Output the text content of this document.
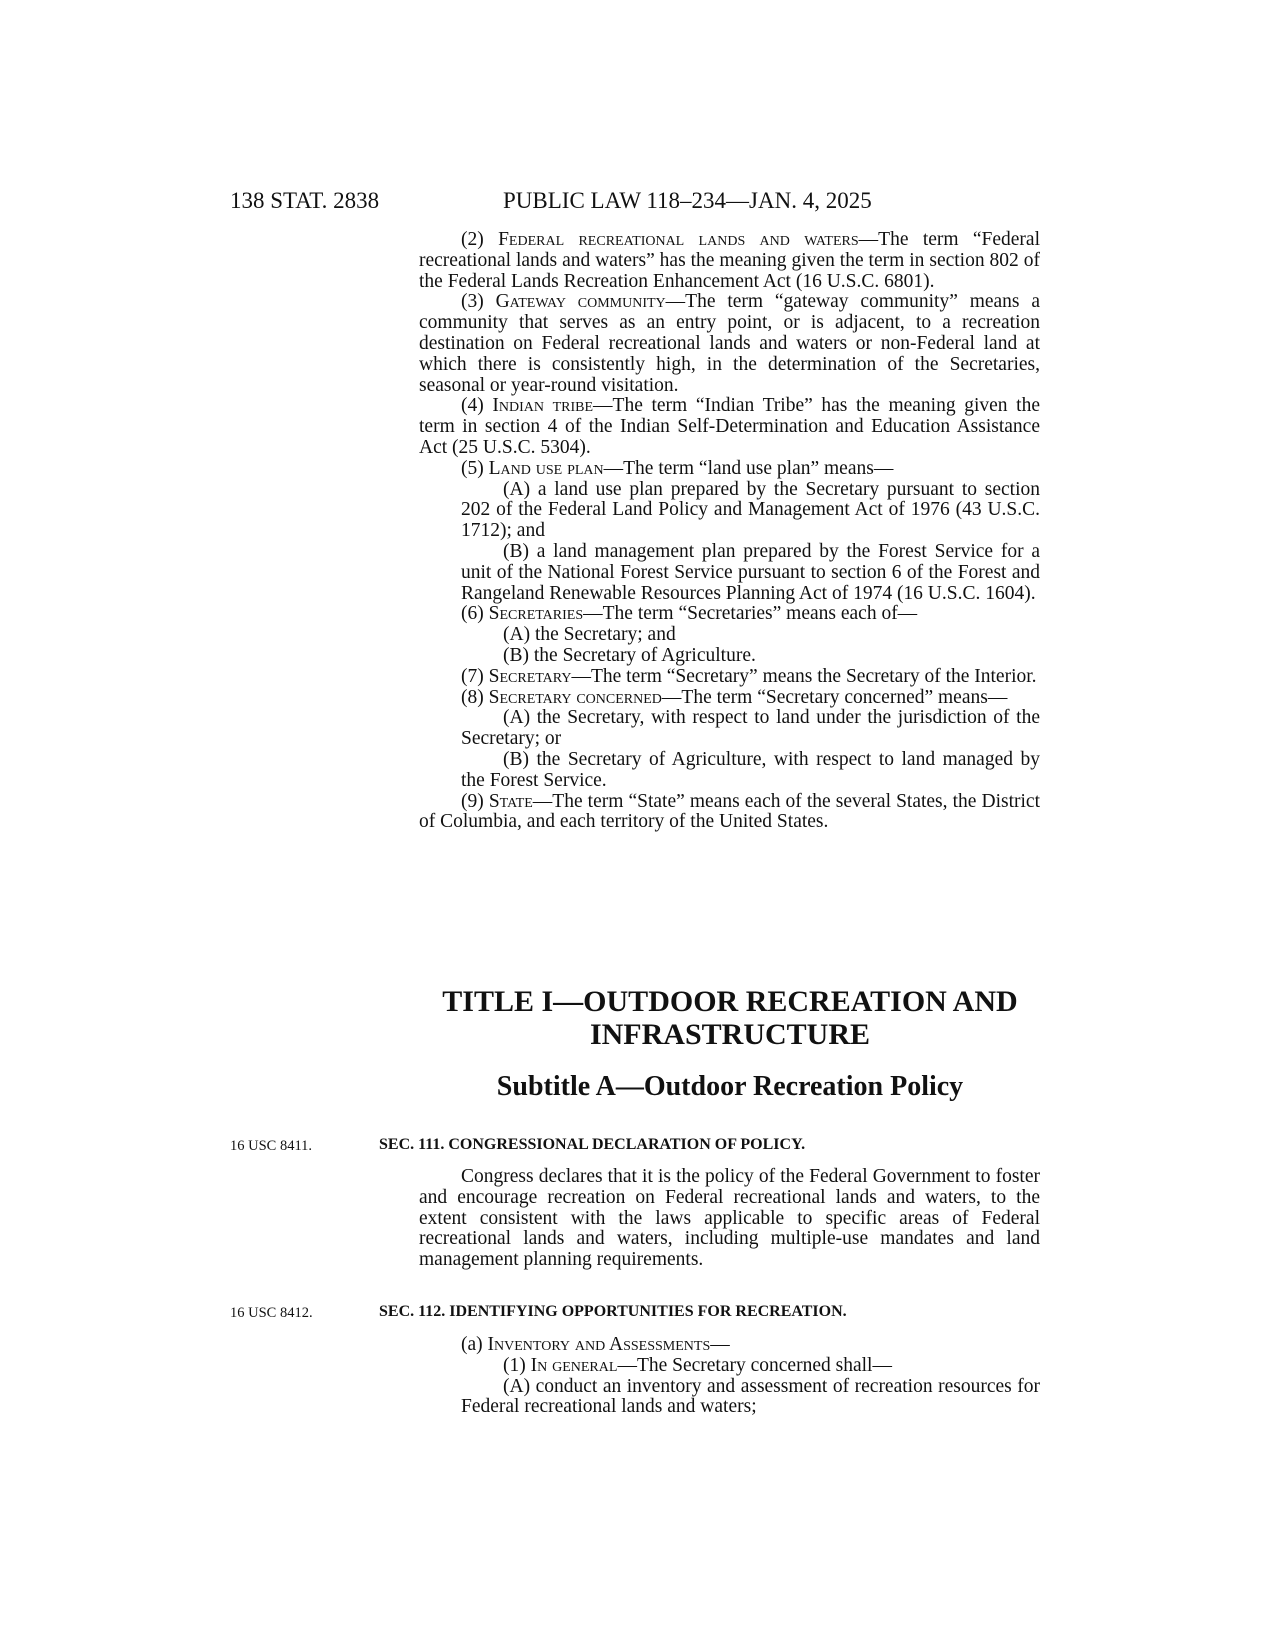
138 STAT. 2838	PUBLIC LAW 118–234—JAN. 4, 2025

(2) Federal recreational lands and waters—The term “Federal recreational lands and waters” has the meaning given the term in section 802 of the Federal Lands Recreation Enhancement Act (16 U.S.C. 6801).

(3) Gateway community—The term “gateway community” means a community that serves as an entry point, or is adjacent, to a recreation destination on Federal recreational lands and waters or non-Federal land at which there is consistently high, in the determination of the Secretaries, seasonal or year-round visitation.

(4) Indian tribe—The term “Indian Tribe” has the meaning given the term in section 4 of the Indian Self-Determination and Education Assistance Act (25 U.S.C. 5304).

(5) Land use plan—The term “land use plan” means—

(A) a land use plan prepared by the Secretary pursuant to section 202 of the Federal Land Policy and Management Act of 1976 (43 U.S.C. 1712); and

(B) a land management plan prepared by the Forest Service for a unit of the National Forest Service pursuant to section 6 of the Forest and Rangeland Renewable Resources Planning Act of 1974 (16 U.S.C. 1604).

(6) Secretaries—The term “Secretaries” means each of—

(A) the Secretary; and

(B) the Secretary of Agriculture.

(7) Secretary—The term “Secretary” means the Secretary of the Interior.

(8) Secretary concerned—The term “Secretary concerned” means—

(A) the Secretary, with respect to land under the jurisdiction of the Secretary; or

(B) the Secretary of Agriculture, with respect to land managed by the Forest Service.

(9) State—The term “State” means each of the several States, the District of Columbia, and each territory of the United States.

TITLE I—OUTDOOR RECREATION AND
INFRASTRUCTURE
Subtitle A—Outdoor Recreation Policy
16 USC 8411.	SEC. 111. CONGRESSIONAL DECLARATION OF POLICY.

Congress declares that it is the policy of the Federal Government to foster and encourage recreation on Federal recreational lands and waters, to the extent consistent with the laws applicable to specific areas of Federal recreational lands and waters, including multiple-use mandates and land management planning requirements.

16 USC 8412.	SEC. 112. IDENTIFYING OPPORTUNITIES FOR RECREATION.

(a) Inventory and Assessments—

(1) In general—The Secretary concerned shall—

(A) conduct an inventory and assessment of recreation resources for Federal recreational lands and waters;
